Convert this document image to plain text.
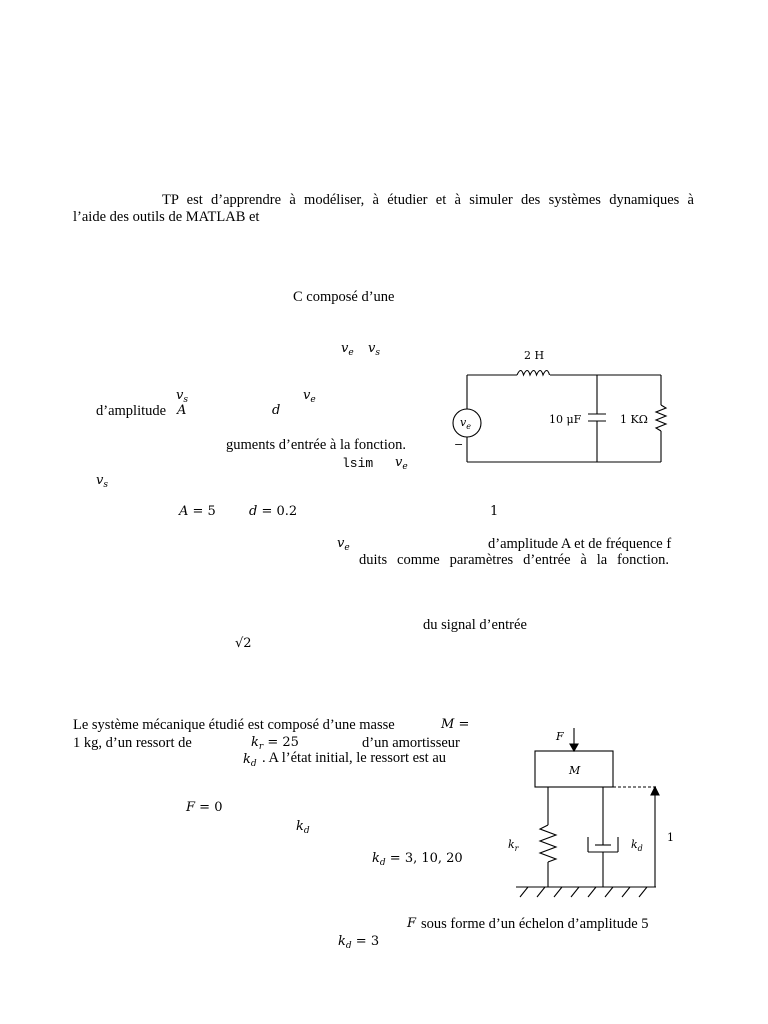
TP est d’apprendre à modéliser, à étudier et à simuler des systèmes dynamiques à
l’aide des outils de MATLAB et
C composé d’une
$v_e$ $v_s$
$v_s$	$v_e$
d’amplitude A	d
guments d’entrée à la fonction.
lsim $v_e$
$v_s$
A = 5	d = 0.2	1
$v_e$	d’amplitude A et de fréquence f
duits comme paramètres d’entrée à la fonction.
du signal d’entrée
√2
2 H
10 μF	1 KΩ
$v_e$
−
Le système mécanique étudié est composé d’une masse	M =
1 kg, d’un ressort de	$k_r = 25$	d’un amortisseur
$k_d$ . A l’état initial, le ressort est au
F = 0
$k_d$
$k_d = 3$, 10, 20
F sous forme d’un échelon d’amplitude 5
$k_d = 3$
F
M
$k_r$	$k_d$
1
